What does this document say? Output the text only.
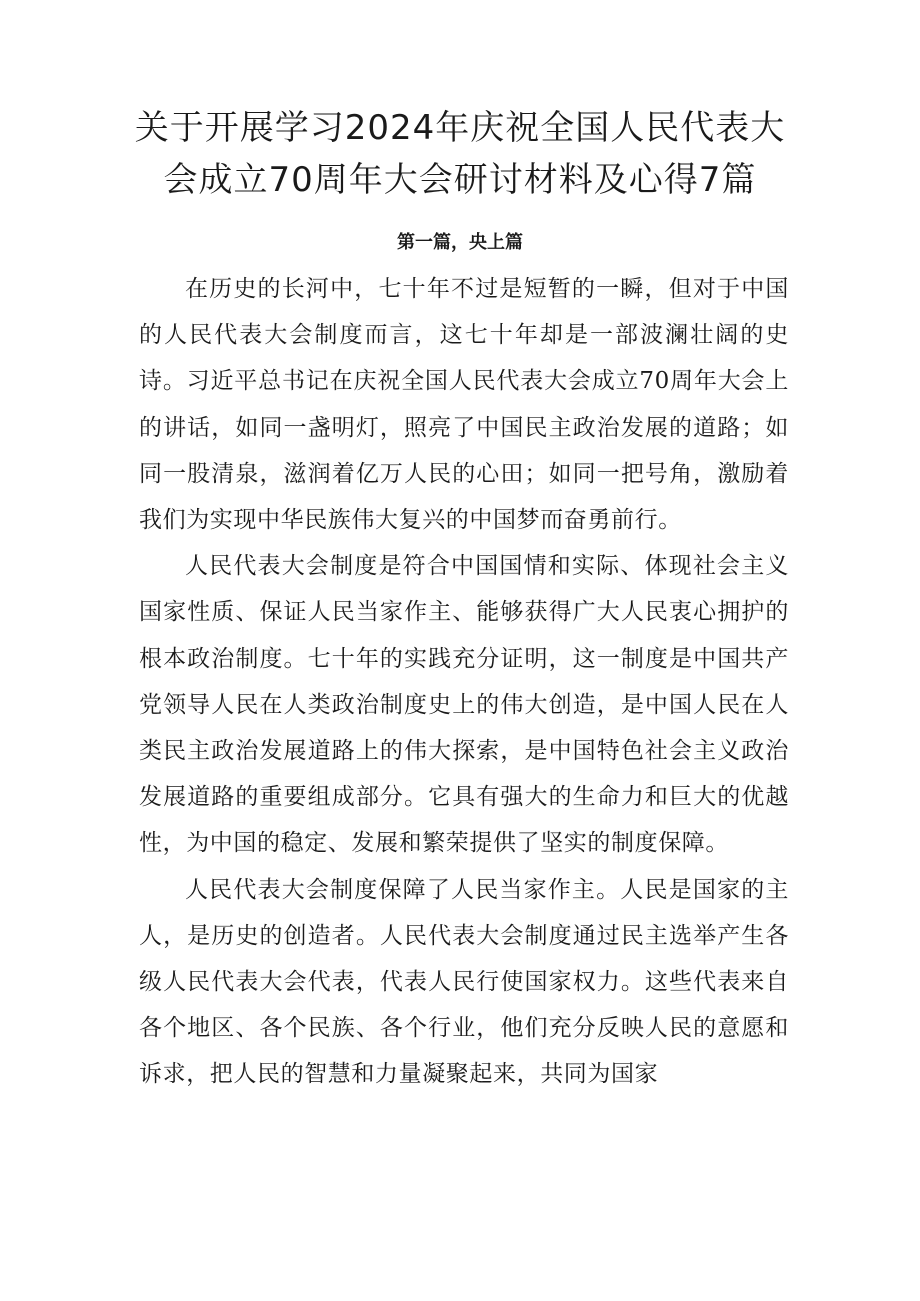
关于开展学习2024年庆祝全国人民代表大
会成立70周年大会研讨材料及心得7篇
第一篇，央上篇

在历史的长河中，七十年不过是短暂的一瞬，但对于中国的人民代表大会制度而言，这七十年却是一部波澜壮阔的史诗。习近平总书记在庆祝全国人民代表大会成立70周年大会上的讲话，如同一盏明灯，照亮了中国民主政治发展的道路；如同一股清泉，滋润着亿万人民的心田；如同一把号角，激励着我们为实现中华民族伟大复兴的中国梦而奋勇前行。

人民代表大会制度是符合中国国情和实际、体现社会主义国家性质、保证人民当家作主、能够获得广大人民衷心拥护的根本政治制度。七十年的实践充分证明，这一制度是中国共产党领导人民在人类政治制度史上的伟大创造，是中国人民在人类民主政治发展道路上的伟大探索，是中国特色社会主义政治发展道路的重要组成部分。它具有强大的生命力和巨大的优越性，为中国的稳定、发展和繁荣提供了坚实的制度保障。

人民代表大会制度保障了人民当家作主。人民是国家的主人，是历史的创造者。人民代表大会制度通过民主选举产生各级人民代表大会代表，代表人民行使国家权力。这些代表来自各个地区、各个民族、各个行业，他们充分反映人民的意愿和诉求，把人民的智慧和力量凝聚起来，共同为国家
